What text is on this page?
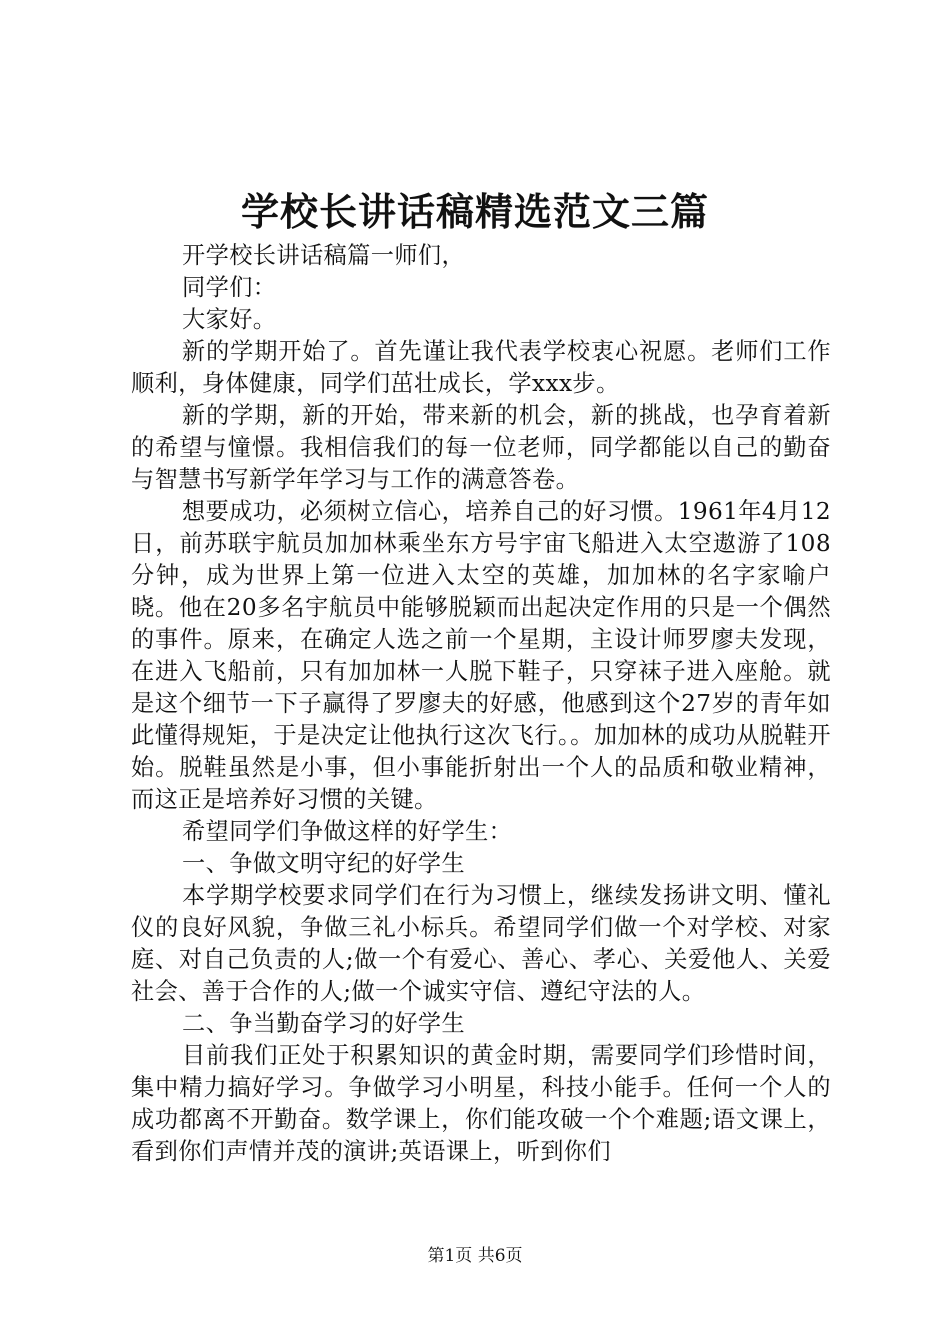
学校长讲话稿精选范文三篇

开学校长讲话稿篇一师们，

同学们：

大家好。

新的学期开始了。首先谨让我代表学校衷心祝愿。老师们工作顺利，身体健康，同学们茁壮成长，学xxx步。

新的学期，新的开始，带来新的机会，新的挑战，也孕育着新的希望与憧憬。我相信我们的每一位老师，同学都能以自己的勤奋与智慧书写新学年学习与工作的满意答卷。

想要成功，必须树立信心，培养自己的好习惯。1961年4月12日，前苏联宇航员加加林乘坐东方号宇宙飞船进入太空遨游了108分钟，成为世界上第一位进入太空的英雄，加加林的名字家喻户晓。他在20多名宇航员中能够脱颖而出起决定作用的只是一个偶然的事件。原来，在确定人选之前一个星期，主设计师罗廖夫发现，在进入飞船前，只有加加林一人脱下鞋子，只穿袜子进入座舱。就是这个细节一下子赢得了罗廖夫的好感，他感到这个27岁的青年如此懂得规矩，于是决定让他执行这次飞行。。加加林的成功从脱鞋开始。脱鞋虽然是小事，但小事能折射出一个人的品质和敬业精神，而这正是培养好习惯的关键。

希望同学们争做这样的好学生：

一、争做文明守纪的好学生

本学期学校要求同学们在行为习惯上，继续发扬讲文明、懂礼仪的良好风貌，争做三礼小标兵。希望同学们做一个对学校、对家庭、对自己负责的人;做一个有爱心、善心、孝心、关爱他人、关爱社会、善于合作的人;做一个诚实守信、遵纪守法的人。

二、争当勤奋学习的好学生

目前我们正处于积累知识的黄金时期，需要同学们珍惜时间，集中精力搞好学习。争做学习小明星，科技小能手。任何一个人的成功都离不开勤奋。数学课上，你们能攻破一个个难题;语文课上，看到你们声情并茂的演讲;英语课上，听到你们

第1页 共6页
